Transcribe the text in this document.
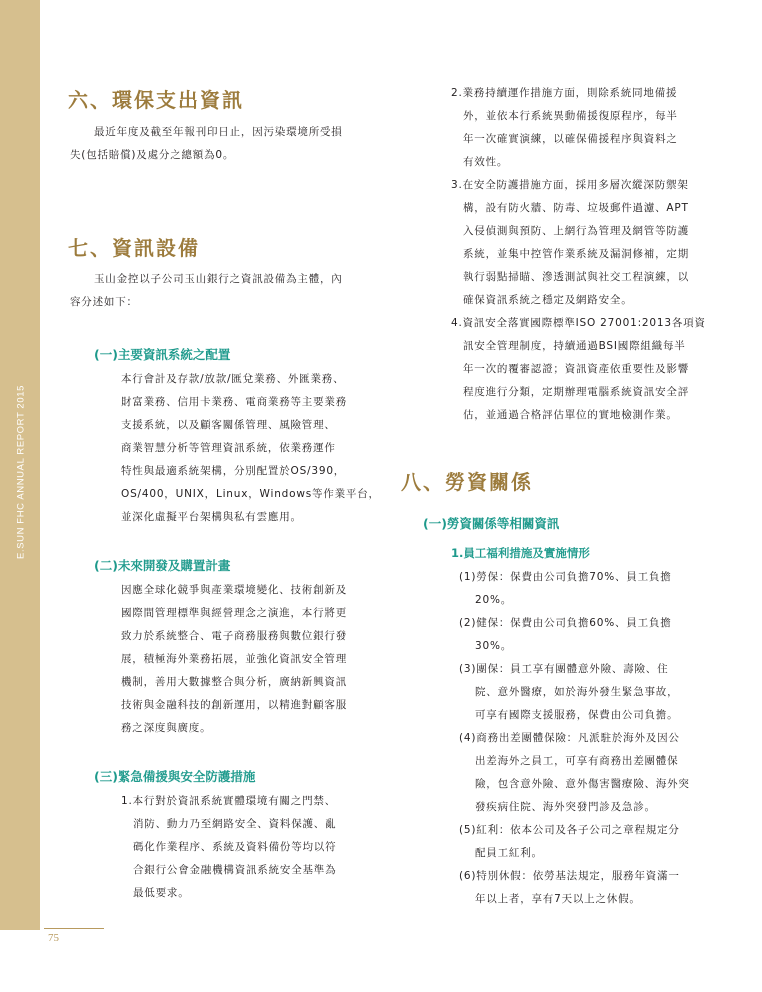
E.SUN FHC ANNUAL REPORT 2015
75
六、環保支出資訊
最近年度及截至年報刊印日止，因污染環境所受損
失(包括賠償)及處分之總額為0。
七、資訊設備
玉山金控以子公司玉山銀行之資訊設備為主體，內
容分述如下：
(一)主要資訊系統之配置
本行會計及存款/放款/匯兌業務、外匯業務、
財富業務、信用卡業務、電商業務等主要業務
支援系統，以及顧客關係管理、風險管理、
商業智慧分析等管理資訊系統，依業務運作
特性與最適系統架構，分別配置於OS/390，
OS/400，UNIX，Linux，Windows等作業平台，
並深化虛擬平台架構與私有雲應用。
(二)未來開發及購置計畫
因應全球化競爭與產業環境變化、技術創新及
國際間管理標準與經營理念之演進，本行將更
致力於系統整合、電子商務服務與數位銀行發
展，積極海外業務拓展，並強化資訊安全管理
機制，善用大數據整合與分析，廣納新興資訊
技術與金融科技的創新運用，以精進對顧客服
務之深度與廣度。
(三)緊急備援與安全防護措施
1.本行對於資訊系統實體環境有關之門禁、
消防、動力乃至網路安全、資料保護、亂
碼化作業程序、系統及資料備份等均以符
合銀行公會金融機構資訊系統安全基準為
最低要求。
2.業務持續運作措施方面，則除系統同地備援
外，並依本行系統異動備援復原程序，每半
年一次確實演練，以確保備援程序與資料之
有效性。
3.在安全防護措施方面，採用多層次縱深防禦架
構，設有防火牆、防毒、垃圾郵件過濾、APT
入侵偵測與預防、上網行為管理及網管等防護
系統，並集中控管作業系統及漏洞修補，定期
執行弱點掃瞄、滲透測試與社交工程演練，以
確保資訊系統之穩定及網路安全。
4.資訊安全落實國際標準ISO 27001:2013各項資
訊安全管理制度，持續通過BSI國際組織每半
年一次的覆審認證；資訊資產依重要性及影響
程度進行分類，定期辦理電腦系統資訊安全評
估，並通過合格評估單位的實地檢測作業。
八、勞資關係
(一)勞資關係等相關資訊
1.員工福利措施及實施情形
(1)勞保：保費由公司負擔70%、員工負擔
20%。
(2)健保：保費由公司負擔60%、員工負擔
30%。
(3)團保：員工享有團體意外險、壽險、住
院、意外醫療，如於海外發生緊急事故，
可享有國際支援服務，保費由公司負擔。
(4)商務出差團體保險：凡派駐於海外及因公
出差海外之員工，可享有商務出差團體保
險，包含意外險、意外傷害醫療險、海外突
發疾病住院、海外突發門診及急診。
(5)紅利：依本公司及各子公司之章程規定分
配員工紅利。
(6)特別休假：依勞基法規定，服務年資滿一
年以上者，享有7天以上之休假。
